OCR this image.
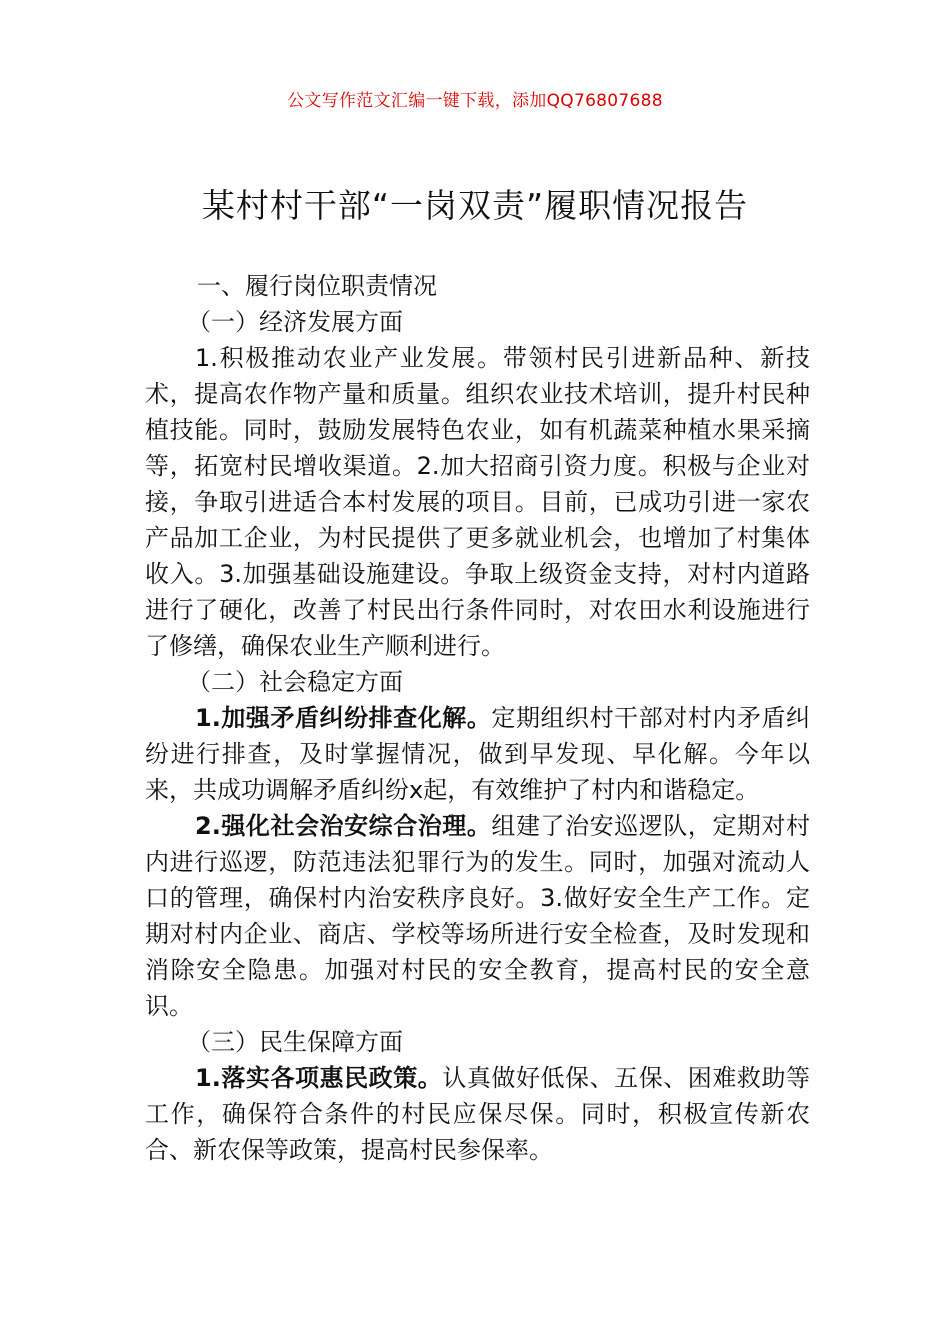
公文写作范文汇编一键下载，添加QQ76807688
某村村干部“一岗双责”履职情况报告

一、履行岗位职责情况

（一）经济发展方面

1.积极推动农业产业发展。带领村民引进新品种、新技术，提高农作物产量和质量。组织农业技术培训，提升村民种植技能。同时，鼓励发展特色农业，如有机蔬菜种植水果采摘等，拓宽村民增收渠道。2.加大招商引资力度。积极与企业对接，争取引进适合本村发展的项目。目前，已成功引进一家农产品加工企业，为村民提供了更多就业机会，也增加了村集体收入。3.加强基础设施建设。争取上级资金支持，对村内道路进行了硬化，改善了村民出行条件同时，对农田水利设施进行了修缮，确保农业生产顺利进行。

（二）社会稳定方面

1.加强矛盾纠纷排查化解。定期组织村干部对村内矛盾纠纷进行排查，及时掌握情况，做到早发现、早化解。今年以来，共成功调解矛盾纠纷x起，有效维护了村内和谐稳定。

2.强化社会治安综合治理。组建了治安巡逻队，定期对村内进行巡逻，防范违法犯罪行为的发生。同时，加强对流动人口的管理，确保村内治安秩序良好。3.做好安全生产工作。定期对村内企业、商店、学校等场所进行安全检查，及时发现和消除安全隐患。加强对村民的安全教育，提高村民的安全意识。

（三）民生保障方面

1.落实各项惠民政策。认真做好低保、五保、困难救助等工作，确保符合条件的村民应保尽保。同时，积极宣传新农合、新农保等政策，提高村民参保率。
